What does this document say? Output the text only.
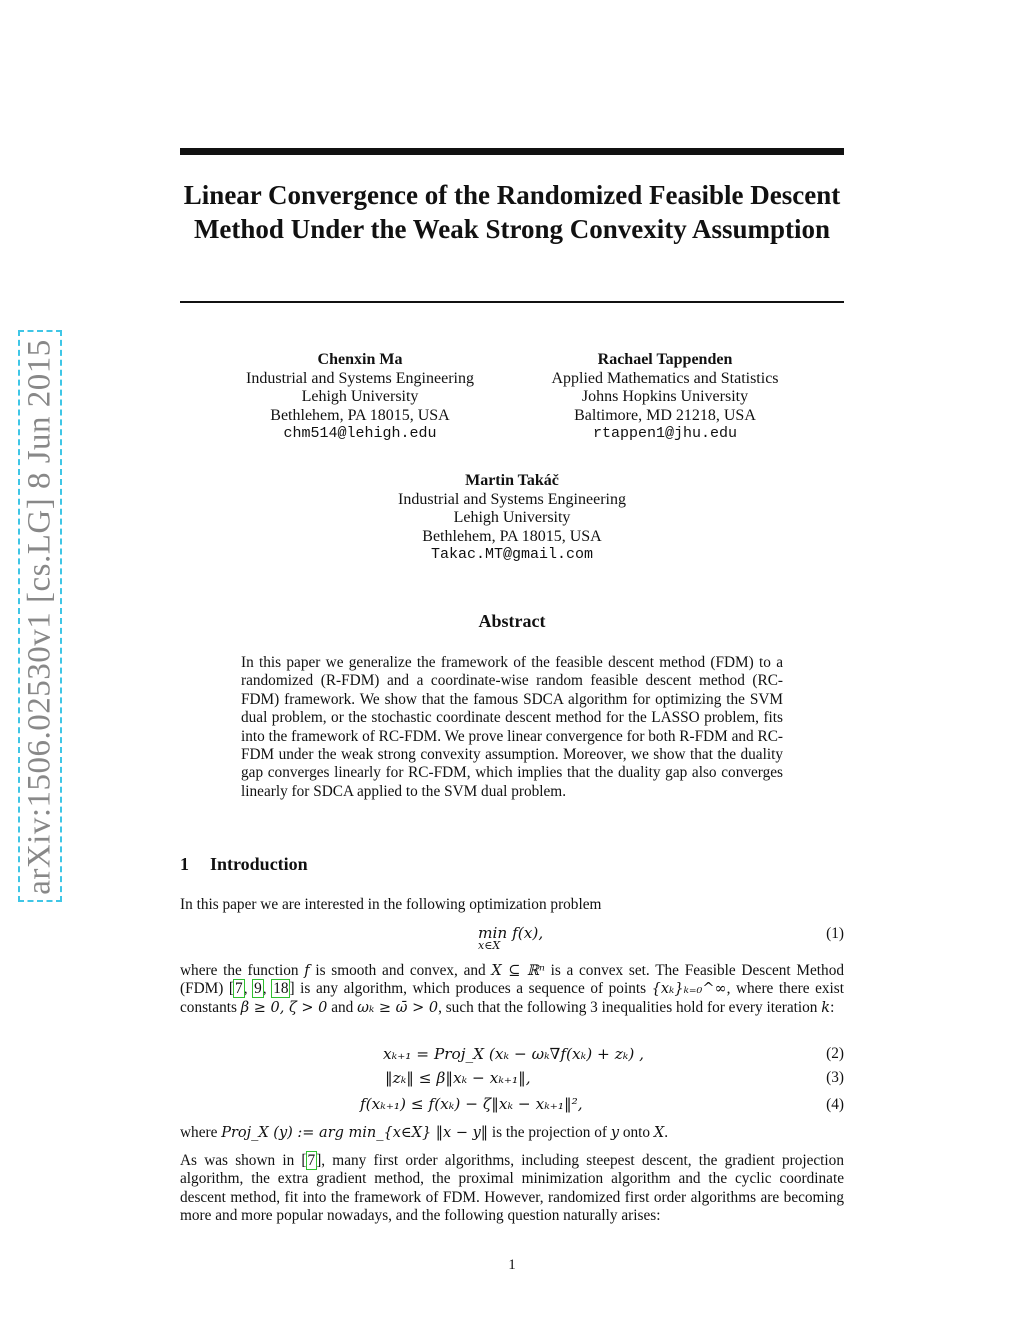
Linear Convergence of the Randomized Feasible Descent Method Under the Weak Strong Convexity Assumption
arXiv:1506.02530v1 [cs.LG] 8 Jun 2015	Chenxin Ma
Industrial and Systems Engineering
Lehigh University
Bethlehem, PA 18015, USA
chm514@lehigh.edu
Rachael Tappenden
Applied Mathematics and Statistics
Johns Hopkins University
Baltimore, MD 21218, USA
rtappen1@jhu.edu
Martin Takáč
Industrial and Systems Engineering
Lehigh University
Bethlehem, PA 18015, USA
Takac.MT@gmail.com
Abstract
In this paper we generalize the framework of the feasible descent method (FDM) to a randomized (R-FDM) and a coordinate-wise random feasible descent method (RC-FDM) framework. We show that the famous SDCA algorithm for optimizing the SVM dual problem, or the stochastic coordinate descent method for the LASSO problem, fits into the framework of RC-FDM. We prove linear convergence for both R-FDM and RC-FDM under the weak strong convexity assumption. Moreover, we show that the duality gap converges linearly for RC-FDM, which implies that the duality gap also converges linearly for SDCA applied to the SVM dual problem.
1 Introduction
In this paper we are interested in the following optimization problem
min f(x),
x∈X
(1)
where the function f is smooth and convex, and X ⊆ ℝⁿ is a convex set. The Feasible Descent Method (FDM) [7, 9, 18] is any algorithm, which produces a sequence of points {xₖ}ₖ₌₀^∞, where there exist constants β ≥ 0, ζ > 0 and ωₖ ≥ ω̄ > 0, such that the following 3 inequalities hold for every iteration k:
xₖ₊₁ = Proj_X (xₖ − ωₖ∇f(xₖ) + zₖ) ,	(2)
‖zₖ‖ ≤ β‖xₖ − xₖ₊₁‖,	(3)
f(xₖ₊₁) ≤ f(xₖ) − ζ‖xₖ − xₖ₊₁‖²,	(4)
where Proj_X (y) := arg min_{x∈X} ‖x − y‖ is the projection of y onto X.
As was shown in [7], many first order algorithms, including steepest descent, the gradient projection algorithm, the extra gradient method, the proximal minimization algorithm and the cyclic coordinate descent method, fit into the framework of FDM. However, randomized first order algorithms are becoming more and more popular nowadays, and the following question naturally arises:
1
